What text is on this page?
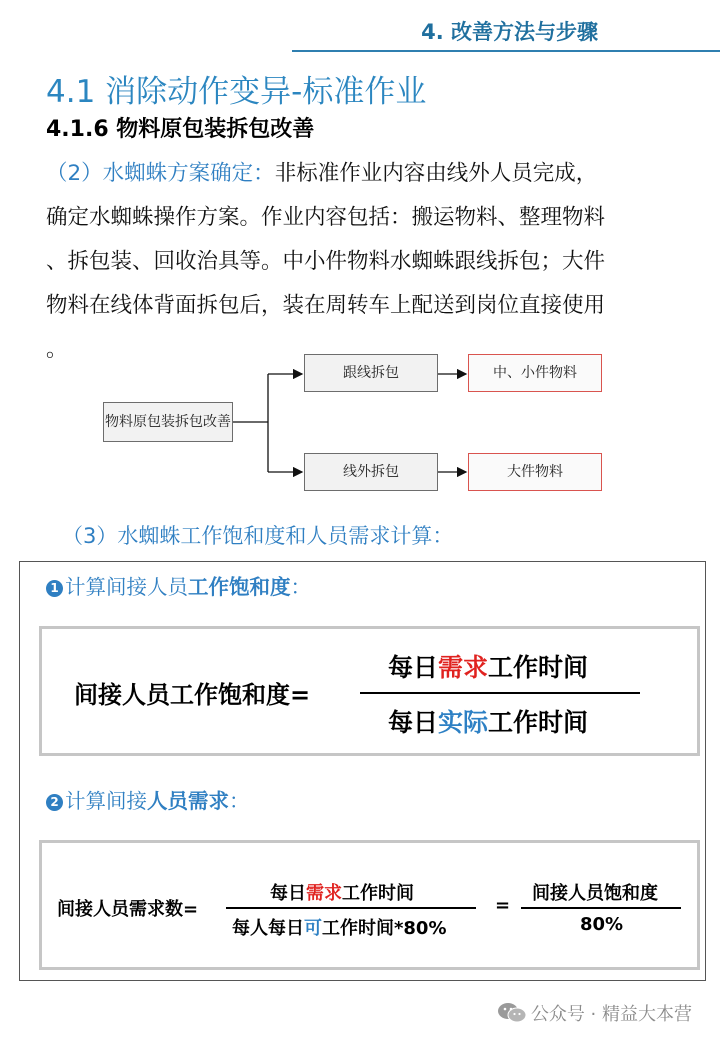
4. 改善方法与步骤
4.1 消除动作变异-标准作业
4.1.6 物料原包装拆包改善
（2）水蜘蛛方案确定：非标准作业内容由线外人员完成，
确定水蜘蛛操作方案。作业内容包括：搬运物料、整理物料
、拆包装、回收治具等。中小件物料水蜘蛛跟线拆包；大件
物料在线体背面拆包后，装在周转车上配送到岗位直接使用
。
物料原包装拆包改善
跟线拆包
线外拆包
中、小件物料
大件物料
（3）水蜘蛛工作饱和度和人员需求计算：
1 计算间接人员工作饱和度：
间接人员工作饱和度=
每日需求工作时间
每日实际工作时间
2 计算间接人员需求：
间接人员需求数=
每日需求工作时间
每人每日可工作时间*80%
=
间接人员饱和度
80%
公众号 · 精益大本营
